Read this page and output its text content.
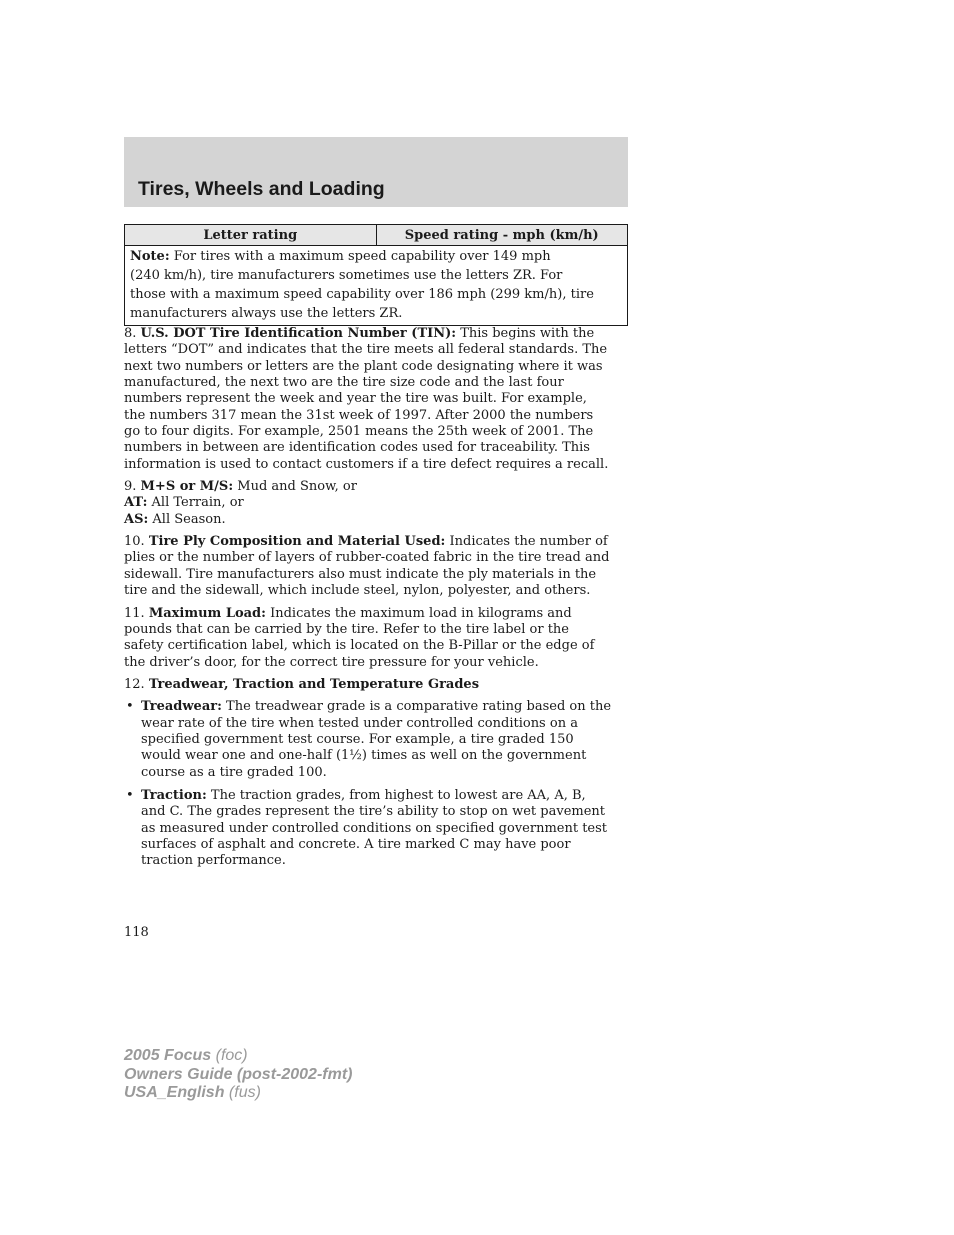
Tires, Wheels and Loading
Letter rating	Speed rating - mph (km/h)

Note: For tires with a maximum speed capability over 149 mph
(240 km/h), tire manufacturers sometimes use the letters ZR. For
those with a maximum speed capability over 186 mph (299 km/h), tire
manufacturers always use the letters ZR.
8. U.S. DOT Tire Identification Number (TIN): This begins with the
letters “DOT” and indicates that the tire meets all federal standards. The
next two numbers or letters are the plant code designating where it was
manufactured, the next two are the tire size code and the last four
numbers represent the week and year the tire was built. For example,
the numbers 317 mean the 31st week of 1997. After 2000 the numbers
go to four digits. For example, 2501 means the 25th week of 2001. The
numbers in between are identification codes used for traceability. This
information is used to contact customers if a tire defect requires a recall.
9. M+S or M/S: Mud and Snow, or
AT: All Terrain, or
AS: All Season.
10. Tire Ply Composition and Material Used: Indicates the number of
plies or the number of layers of rubber-coated fabric in the tire tread and
sidewall. Tire manufacturers also must indicate the ply materials in the
tire and the sidewall, which include steel, nylon, polyester, and others.
11. Maximum Load: Indicates the maximum load in kilograms and
pounds that can be carried by the tire. Refer to the tire label or the
safety certification label, which is located on the B-Pillar or the edge of
the driver’s door, for the correct tire pressure for your vehicle.
12. Treadwear, Traction and Temperature Grades
• Treadwear: The treadwear grade is a comparative rating based on the
wear rate of the tire when tested under controlled conditions on a
specified government test course. For example, a tire graded 150
would wear one and one-half (1½) times as well on the government
course as a tire graded 100.
• Traction: The traction grades, from highest to lowest are AA, A, B,
and C. The grades represent the tire’s ability to stop on wet pavement
as measured under controlled conditions on specified government test
surfaces of asphalt and concrete. A tire marked C may have poor
traction performance.
118
2005 Focus (foc)
Owners Guide (post-2002-fmt)
USA_English (fus)
